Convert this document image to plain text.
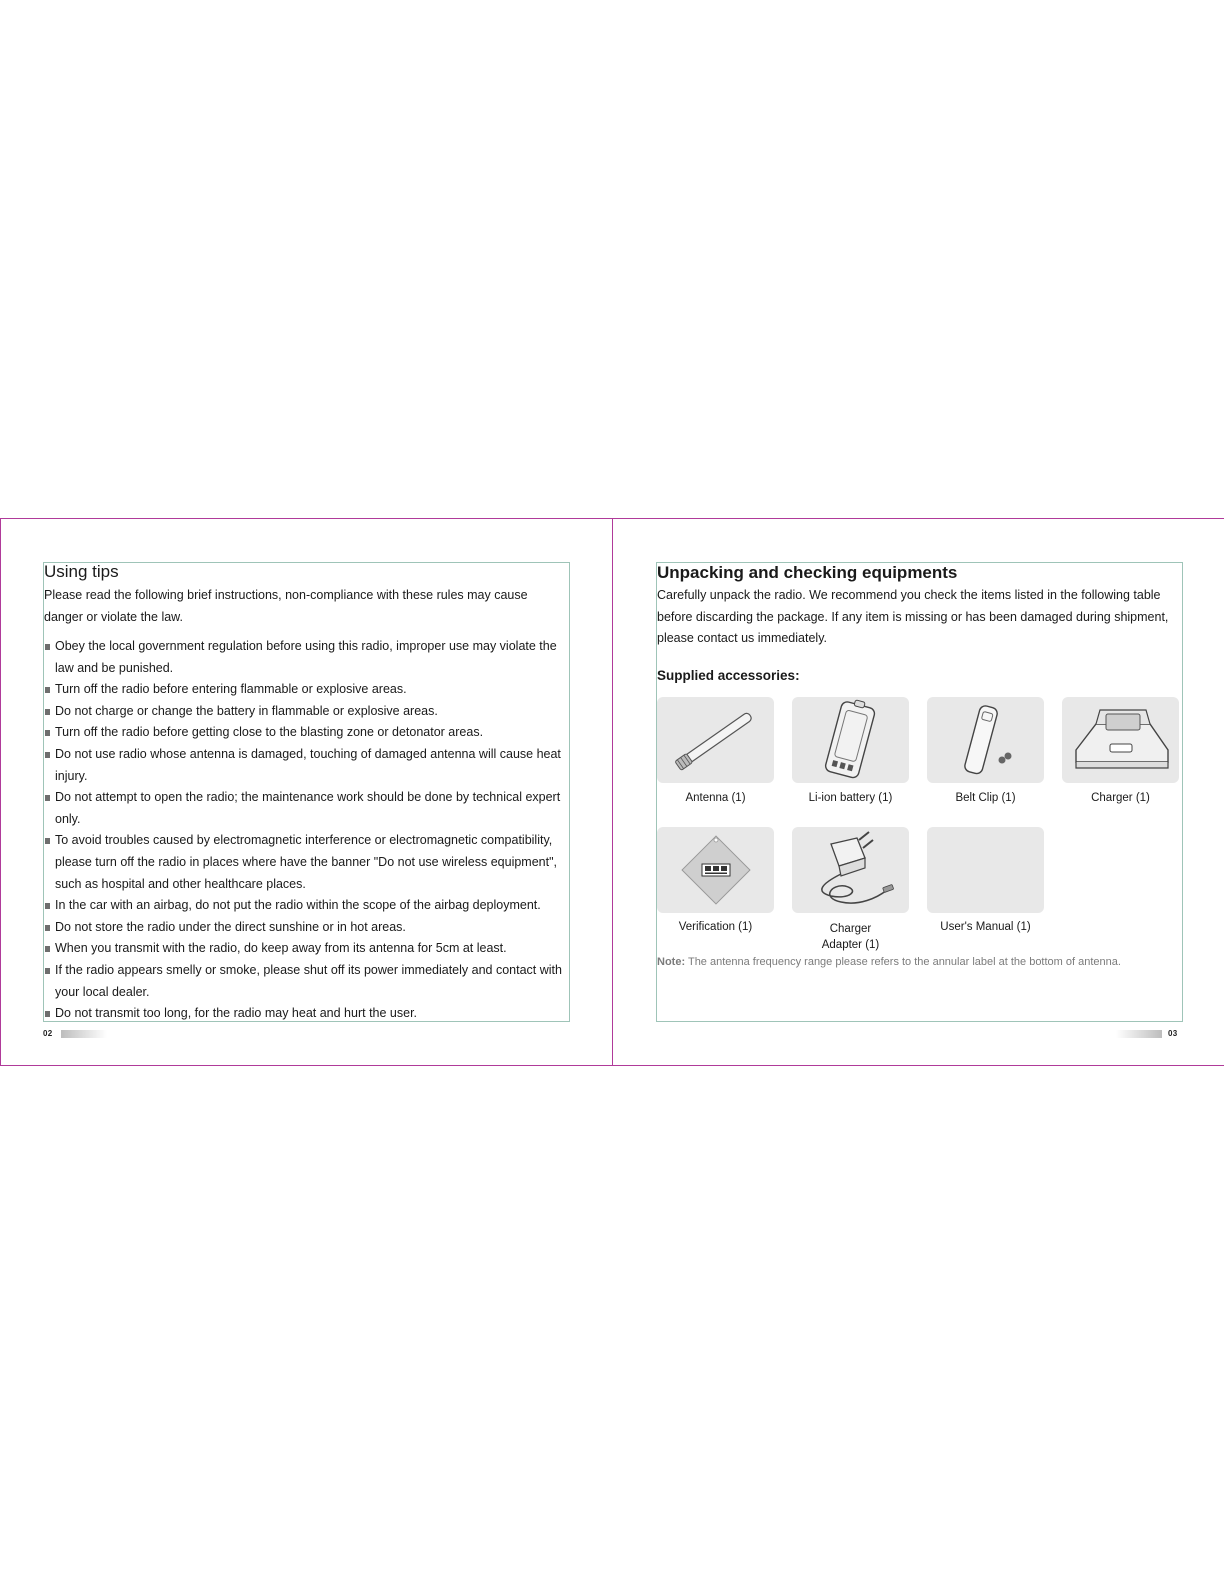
Using tips

Please read the following brief instructions, non-compliance with these rules may cause danger or violate the law.

Obey the local government regulation before using this radio, improper use may violate the law and be punished.
Turn off the radio before entering flammable or explosive areas.
Do not charge or change the battery in flammable or explosive areas.
Turn off the radio before getting close to the blasting zone or detonator areas.
Do not use radio whose antenna is damaged, touching of damaged antenna will cause heat injury.
Do not attempt to open the radio; the maintenance work should be done by technical expert only.
To avoid troubles caused by electromagnetic interference or electromagnetic compatibility, please turn off the radio in places where have the banner "Do not use wireless equipment", such as hospital and other healthcare places.
In the car with an airbag, do not put the radio within the scope of the airbag deployment.
Do not store the radio under the direct sunshine or in hot areas.
When you transmit with the radio, do keep away from its antenna for 5cm at least.
If the radio appears smelly or smoke, please shut off its power immediately and contact with your local dealer.
Do not transmit too long, for the radio may heat and hurt the user.
02
Unpacking and checking equipments

Carefully unpack the radio. We recommend you check the items listed in the following table before discarding the package. If any item is missing or has been damaged during shipment, please contact us immediately.

Supplied accessories:
Antenna (1)	Li-ion battery (1)	Belt Clip (1)	Charger (1)
Verification (1)	Charger
Adapter (1)
User's Manual (1)
Note: The antenna frequency range please refers to the annular label at the bottom of antenna.
03
